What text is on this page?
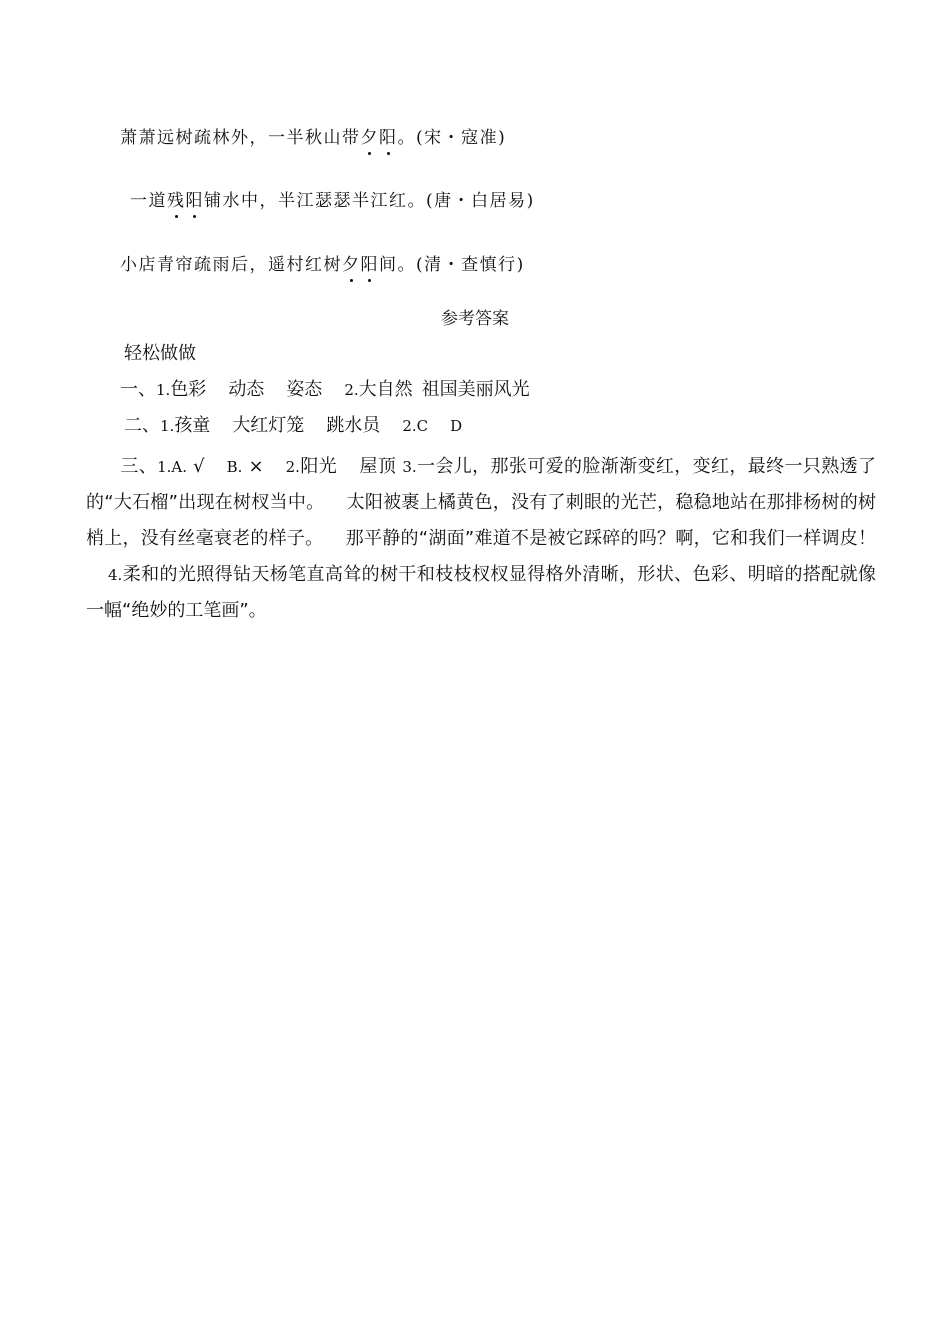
萧萧远树疏林外，一半秋山带夕阳。(宋・寇准)
一道残阳铺水中，半江瑟瑟半江红。(唐・白居易)
小店青帘疏雨后，遥村红树夕阳间。(清・查慎行)
参考答案
轻松做做
一、1.色彩 动态 姿态 2.大自然 祖国美丽风光
二、1.孩童 大红灯笼 跳水员 2.C D
三、1.A. √ B. × 2.阳光 屋顶 3.一会儿，那张可爱的脸渐渐变红，变红，最终一只熟透了的“大石榴”出现在树杈当中。 太阳被裹上橘黄色，没有了刺眼的光芒，稳稳地站在那排杨树的树梢上，没有丝毫衰老的样子。 那平静的“湖面”难道不是被它踩碎的吗？啊，它和我们一样调皮！4.柔和的光照得钻天杨笔直高耸的树干和枝枝杈杈显得格外清晰，形状、色彩、明暗的搭配就像一幅“绝妙的工笔画”。
